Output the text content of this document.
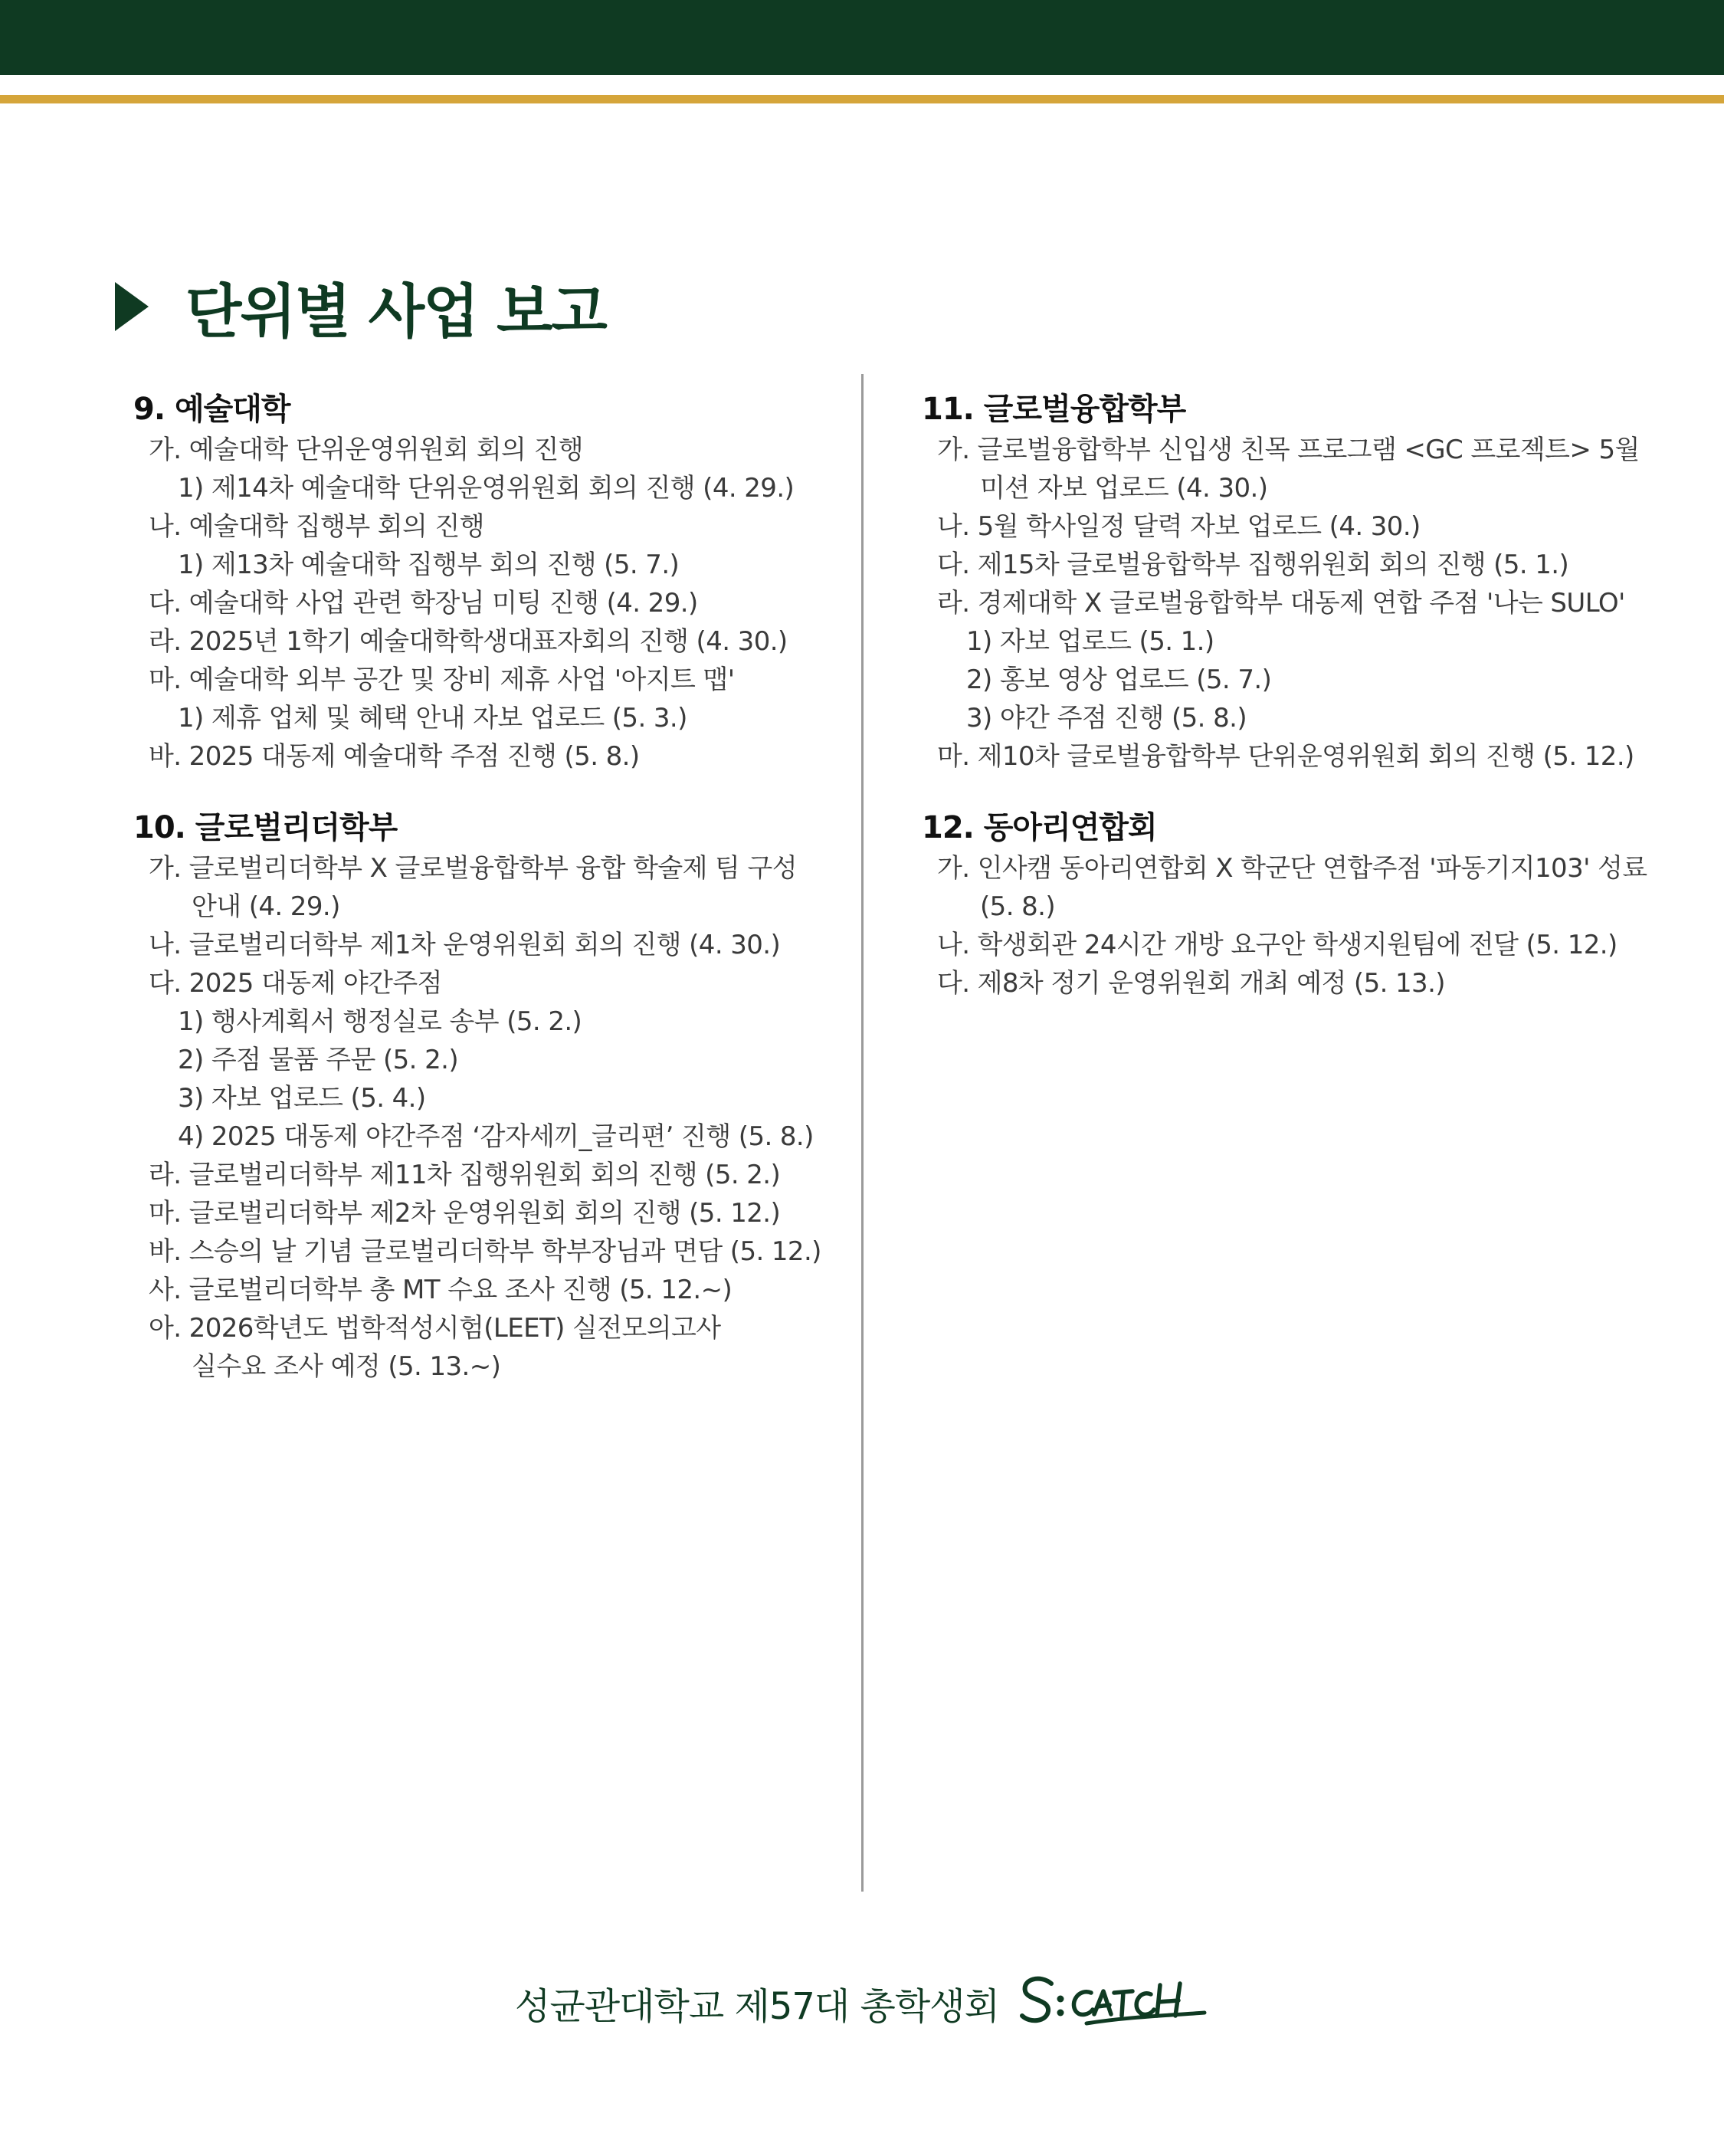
단위별 사업 보고
9. 예술대학
가. 예술대학 단위운영위원회 회의 진행
1) 제14차 예술대학 단위운영위원회 회의 진행 (4. 29.)
나. 예술대학 집행부 회의 진행
1) 제13차 예술대학 집행부 회의 진행 (5. 7.)
다. 예술대학 사업 관련 학장님 미팅 진행 (4. 29.)
라. 2025년 1학기 예술대학학생대표자회의 진행 (4. 30.)
마. 예술대학 외부 공간 및 장비 제휴 사업 '아지트 맵'
1) 제휴 업체 및 혜택 안내 자보 업로드 (5. 3.)
바. 2025 대동제 예술대학 주점 진행 (5. 8.)
10. 글로벌리더학부
가. 글로벌리더학부 X 글로벌융합학부 융합 학술제 팀 구성
안내 (4. 29.)
나. 글로벌리더학부 제1차 운영위원회 회의 진행 (4. 30.)
다. 2025 대동제 야간주점
1) 행사계획서 행정실로 송부 (5. 2.)
2) 주점 물품 주문 (5. 2.)
3) 자보 업로드 (5. 4.)
4) 2025 대동제 야간주점 ‘감자세끼_글리편’ 진행 (5. 8.)
라. 글로벌리더학부 제11차 집행위원회 회의 진행 (5. 2.)
마. 글로벌리더학부 제2차 운영위원회 회의 진행 (5. 12.)
바. 스승의 날 기념 글로벌리더학부 학부장님과 면담 (5. 12.)
사. 글로벌리더학부 총 MT 수요 조사 진행 (5. 12.~)
아. 2026학년도 법학적성시험(LEET) 실전모의고사
실수요 조사 예정 (5. 13.~)
11. 글로벌융합학부
가. 글로벌융합학부 신입생 친목 프로그램 <GC 프로젝트> 5월
미션 자보 업로드 (4. 30.)
나. 5월 학사일정 달력 자보 업로드 (4. 30.)
다. 제15차 글로벌융합학부 집행위원회 회의 진행 (5. 1.)
라. 경제대학 X 글로벌융합학부 대동제 연합 주점 '나는 SULO'
1) 자보 업로드 (5. 1.)
2) 홍보 영상 업로드 (5. 7.)
3) 야간 주점 진행 (5. 8.)
마. 제10차 글로벌융합학부 단위운영위원회 회의 진행 (5. 12.)
12. 동아리연합회
가. 인사캠 동아리연합회 X 학군단 연합주점 '파동기지103' 성료
(5. 8.)
나. 학생회관 24시간 개방 요구안 학생지원팀에 전달 (5. 12.)
다. 제8차 정기 운영위원회 개최 예정 (5. 13.)
성균관대학교 제57대 총학생회
